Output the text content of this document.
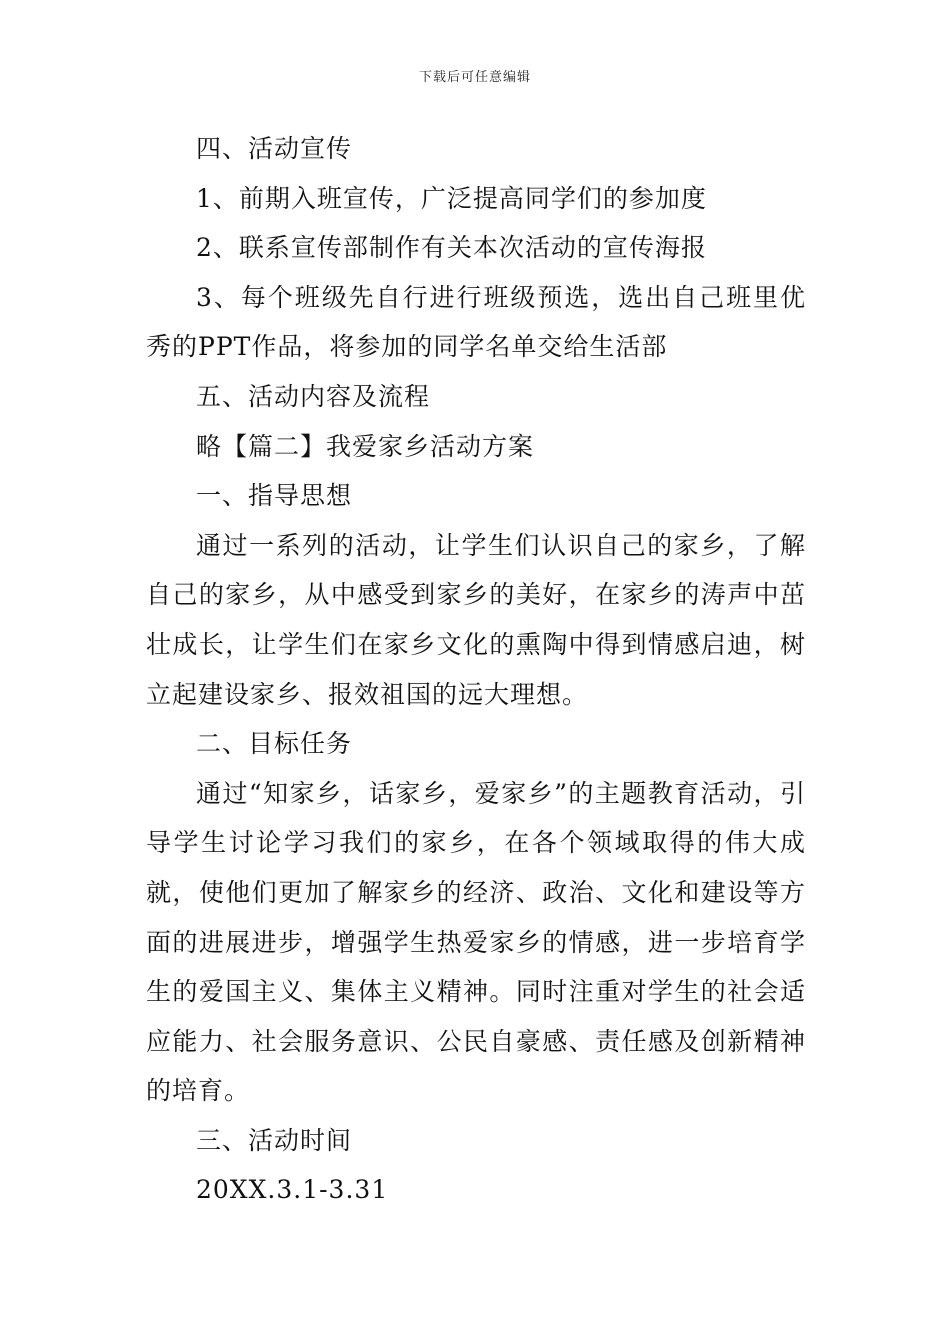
下载后可任意编辑

四、活动宣传

1、前期入班宣传，广泛提高同学们的参加度

2、联系宣传部制作有关本次活动的宣传海报

3、每个班级先自行进行班级预选，选出自己班里优秀的PPT作品，将参加的同学名单交给生活部

五、活动内容及流程

略【篇二】我爱家乡活动方案

一、指导思想

通过一系列的活动，让学生们认识自己的家乡，了解自己的家乡，从中感受到家乡的美好，在家乡的涛声中茁壮成长，让学生们在家乡文化的熏陶中得到情感启迪，树立起建设家乡、报效祖国的远大理想。

二、目标任务

通过“知家乡，话家乡，爱家乡”的主题教育活动，引导学生讨论学习我们的家乡，在各个领域取得的伟大成就，使他们更加了解家乡的经济、政治、文化和建设等方面的进展进步，增强学生热爱家乡的情感，进一步培育学生的爱国主义、集体主义精神。同时注重对学生的社会适应能力、社会服务意识、公民自豪感、责任感及创新精神的培育。

三、活动时间

20XX.3.1-3.31
